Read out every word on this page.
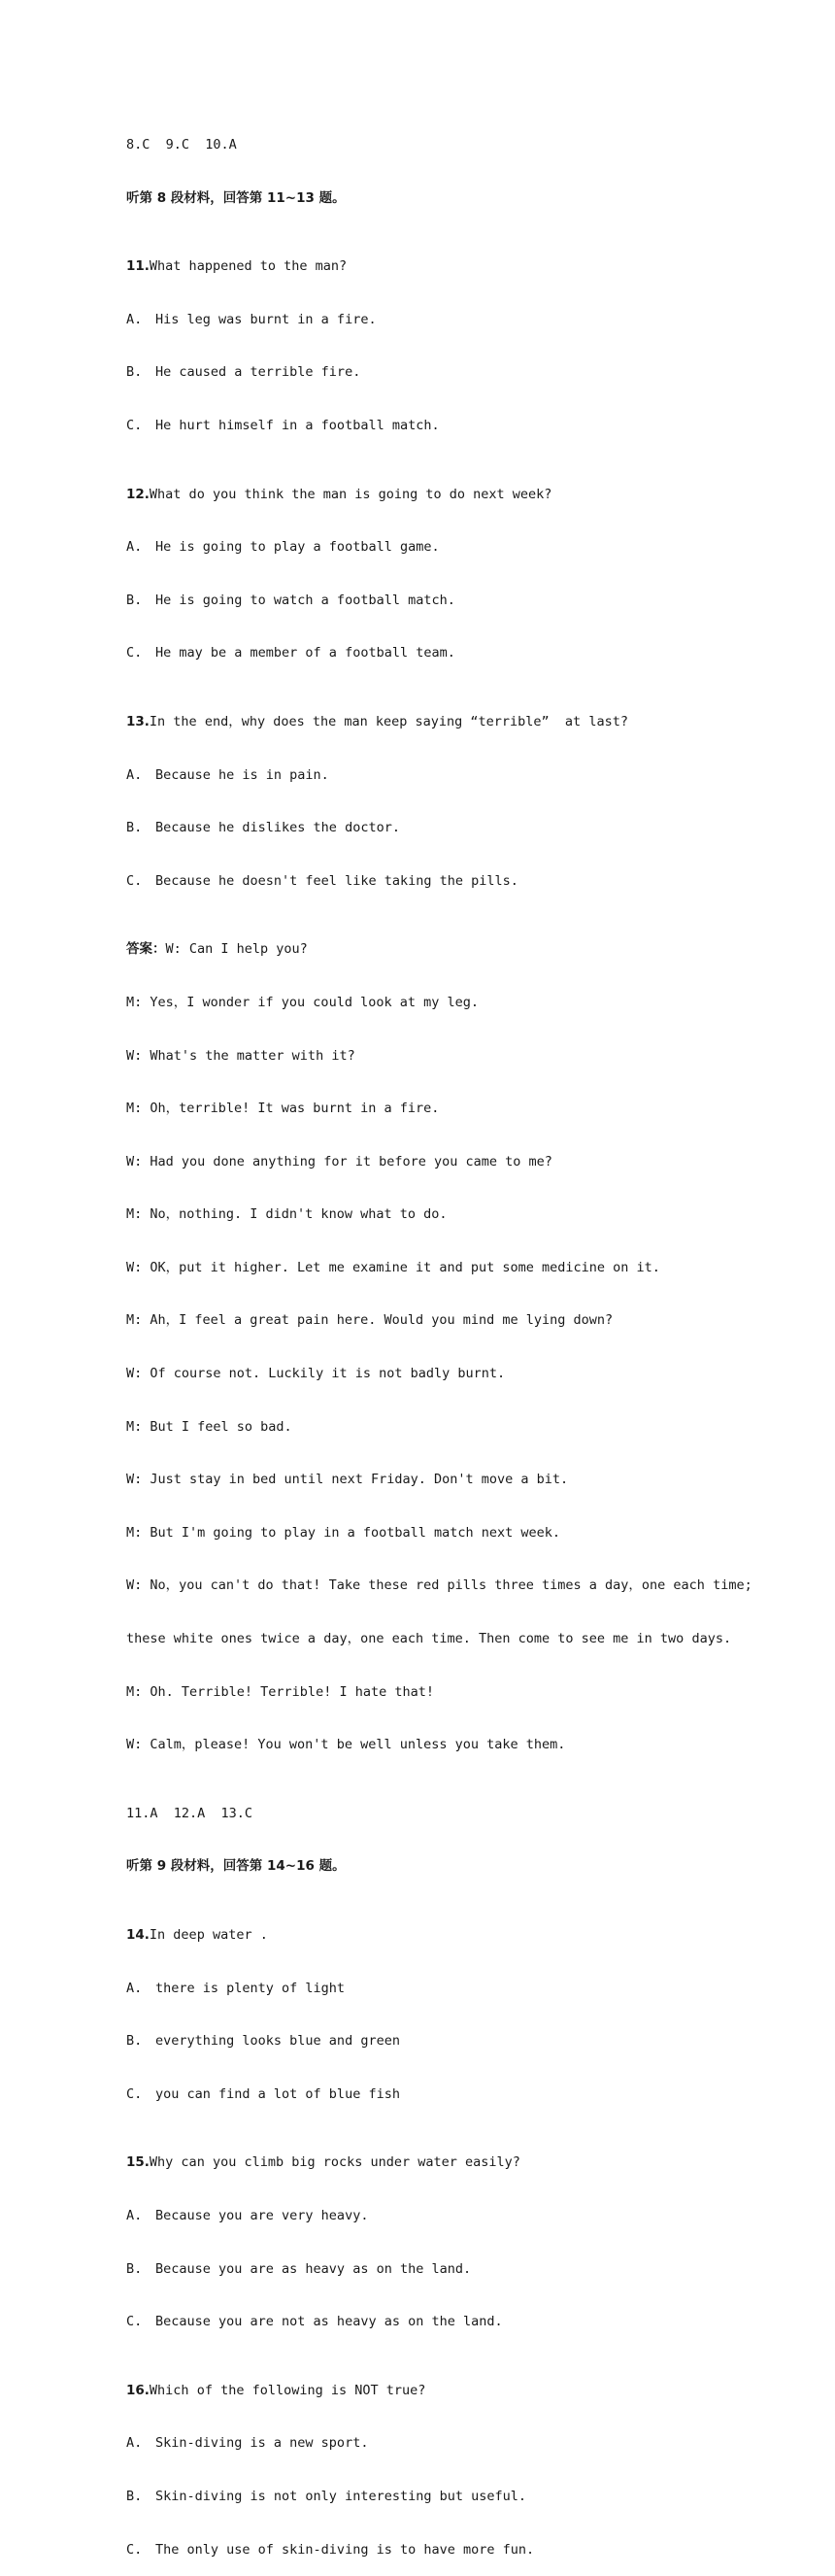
8.C  9.C  10.A

听第 8 段材料，回答第 11~13 题。

11.What happened to the man?

A. His leg was burnt in a fire.

B. He caused a terrible fire.

C. He hurt himself in a football match.

12.What do you think the man is going to do next week?

A. He is going to play a football game.

B. He is going to watch a football match.

C. He may be a member of a football team.

13.In the end，why does the man keep saying “terrible”  at last?

A. Because he is in pain.

B. Because he dislikes the doctor.

C. Because he doesn't feel like taking the pills.

答案：W: Can I help you?

M: Yes，I wonder if you could look at my leg.

W: What's the matter with it?

M: Oh，terrible! It was burnt in a fire.

W: Had you done anything for it before you came to me?

M: No，nothing. I didn't know what to do.

W: OK，put it higher. Let me examine it and put some medicine on it.

M: Ah，I feel a great pain here. Would you mind me lying down?

W: Of course not. Luckily it is not badly burnt.

M: But I feel so bad.

W: Just stay in bed until next Friday. Don't move a bit.

M: But I'm going to play in a football match next week.

W: No，you can't do that! Take these red pills three times a day，one each time;

these white ones twice a day，one each time. Then come to see me in two days.

M: Oh. Terrible! Terrible! I hate that!

W: Calm，please! You won't be well unless you take them.

11.A  12.A  13.C

听第 9 段材料，回答第 14~16 题。

14.In deep water .

A. there is plenty of light

B. everything looks blue and green

C. you can find a lot of blue fish

15.Why can you climb big rocks under water easily?

A. Because you are very heavy.

B. Because you are as heavy as on the land.

C. Because you are not as heavy as on the land.

16.Which of the following is NOT true?

A. Skin-diving is a new sport.

B. Skin-diving is not only interesting but useful.

C. The only use of skin-diving is to have more fun.
